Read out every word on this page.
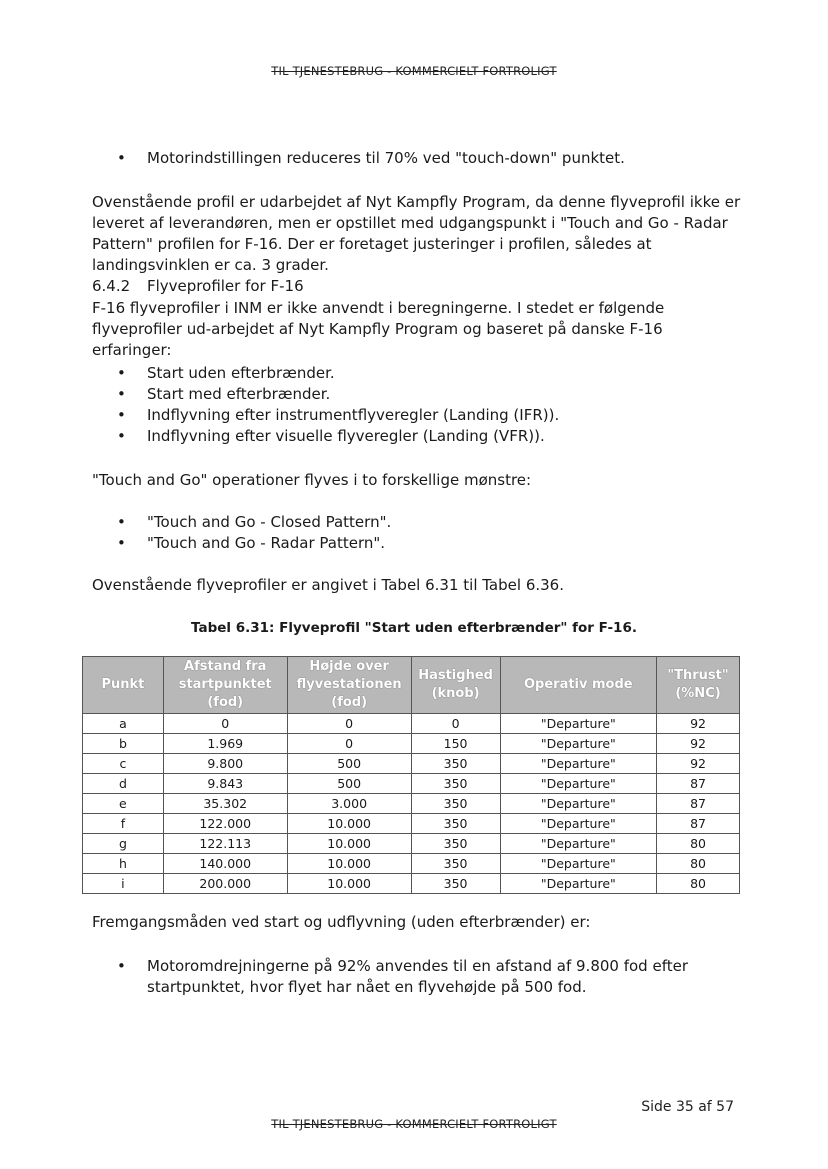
TIL TJENESTEBRUG - KOMMERCIELT FORTROLIGT
• Motorindstillingen reduceres til 70% ved "touch-down" punktet.

Ovenstående profil er udarbejdet af Nyt Kampfly Program, da denne flyveprofil ikke er leveret af leverandøren, men er opstillet med udgangspunkt i "Touch and Go - Radar Pattern" profilen for F-16. Der er foretaget justeringer i profilen, således at landingsvinklen er ca. 3 grader.

6.4.2 Flyveprofiler for F-16

F-16 flyveprofiler i INM er ikke anvendt i beregningerne. I stedet er følgende flyveprofiler ud-arbejdet af Nyt Kampfly Program og baseret på danske F-16 erfaringer:

• Start uden efterbrænder.
• Start med efterbrænder.
• Indflyvning efter instrumentflyveregler (Landing (IFR)).
• Indflyvning efter visuelle flyveregler (Landing (VFR)).

"Touch and Go" operationer flyves i to forskellige mønstre:

• "Touch and Go - Closed Pattern".
• "Touch and Go - Radar Pattern".

Ovenstående flyveprofiler er angivet i Tabel 6.31 til Tabel 6.36.

Tabel 6.31: Flyveprofil "Start uden efterbrænder" for F-16.
Punkt	Afstand fra startpunktet (fod)	Højde over flyvestationen (fod)	Hastighed (knob)	Operativ mode	"Thrust" (%NC)
a	0	0	0	"Departure"	92
b	1.969	0	150	"Departure"	92
c	9.800	500	350	"Departure"	92
d	9.843	500	350	"Departure"	87
e	35.302	3.000	350	"Departure"	87
f	122.000	10.000	350	"Departure"	87
g	122.113	10.000	350	"Departure"	80
h	140.000	10.000	350	"Departure"	80
i	200.000	10.000	350	"Departure"	80

Fremgangsmåden ved start og udflyvning (uden efterbrænder) er:

• Motoromdrejningerne på 92% anvendes til en afstand af 9.800 fod efter startpunktet, hvor flyet har nået en flyvehøjde på 500 fod.
Side 35 af 57
TIL TJENESTEBRUG - KOMMERCIELT FORTROLIGT
